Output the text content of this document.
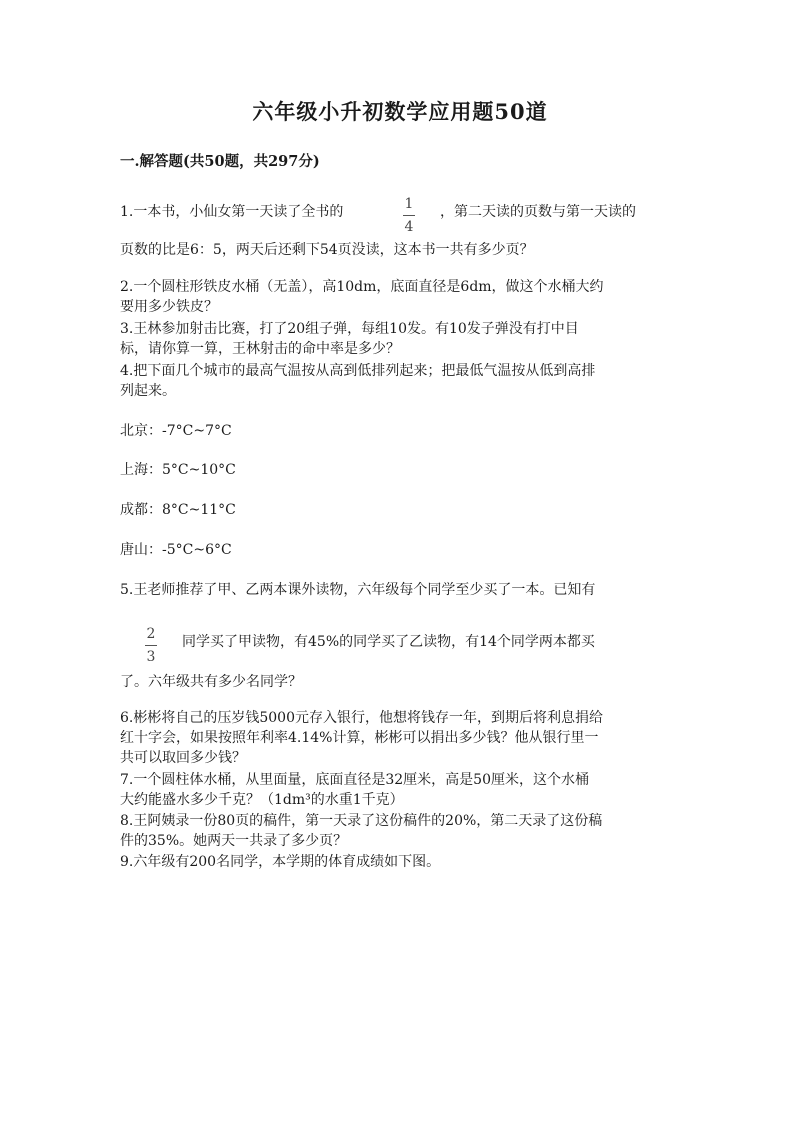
六年级小升初数学应用题50道
一.解答题(共50题，共297分)
1.一本书，小仙女第一天读了全书的	1
4
，第二天读的页数与第一天读的
页数的比是6：5，两天后还剩下54页没读，这本书一共有多少页？
2.一个圆柱形铁皮水桶（无盖），高10dm，底面直径是6dm，做这个水桶大约
要用多少铁皮？
3.王林参加射击比赛，打了20组子弹，每组10发。有10发子弹没有打中目
标，请你算一算，王林射击的命中率是多少？
4.把下面几个城市的最高气温按从高到低排列起来；把最低气温按从低到高排
列起来。
北京：-7°C~7°C
上海：5°C~10°C
成都：8°C~11°C
唐山：-5°C~6°C
5.王老师推荐了甲、乙两本课外读物，六年级每个同学至少买了一本。已知有
2
3
同学买了甲读物，有45%的同学买了乙读物，有14个同学两本都买
了。六年级共有多少名同学？
6.彬彬将自己的压岁钱5000元存入银行，他想将钱存一年，到期后将利息捐给
红十字会，如果按照年利率4.14%计算，彬彬可以捐出多少钱？他从银行里一
共可以取回多少钱？
7.一个圆柱体水桶，从里面量，底面直径是32厘米，高是50厘米，这个水桶
大约能盛水多少千克？（1dm³的水重1千克）
8.王阿姨录一份80页的稿件，第一天录了这份稿件的20%，第二天录了这份稿
件的35%。她两天一共录了多少页？
9.六年级有200名同学，本学期的体育成绩如下图。
